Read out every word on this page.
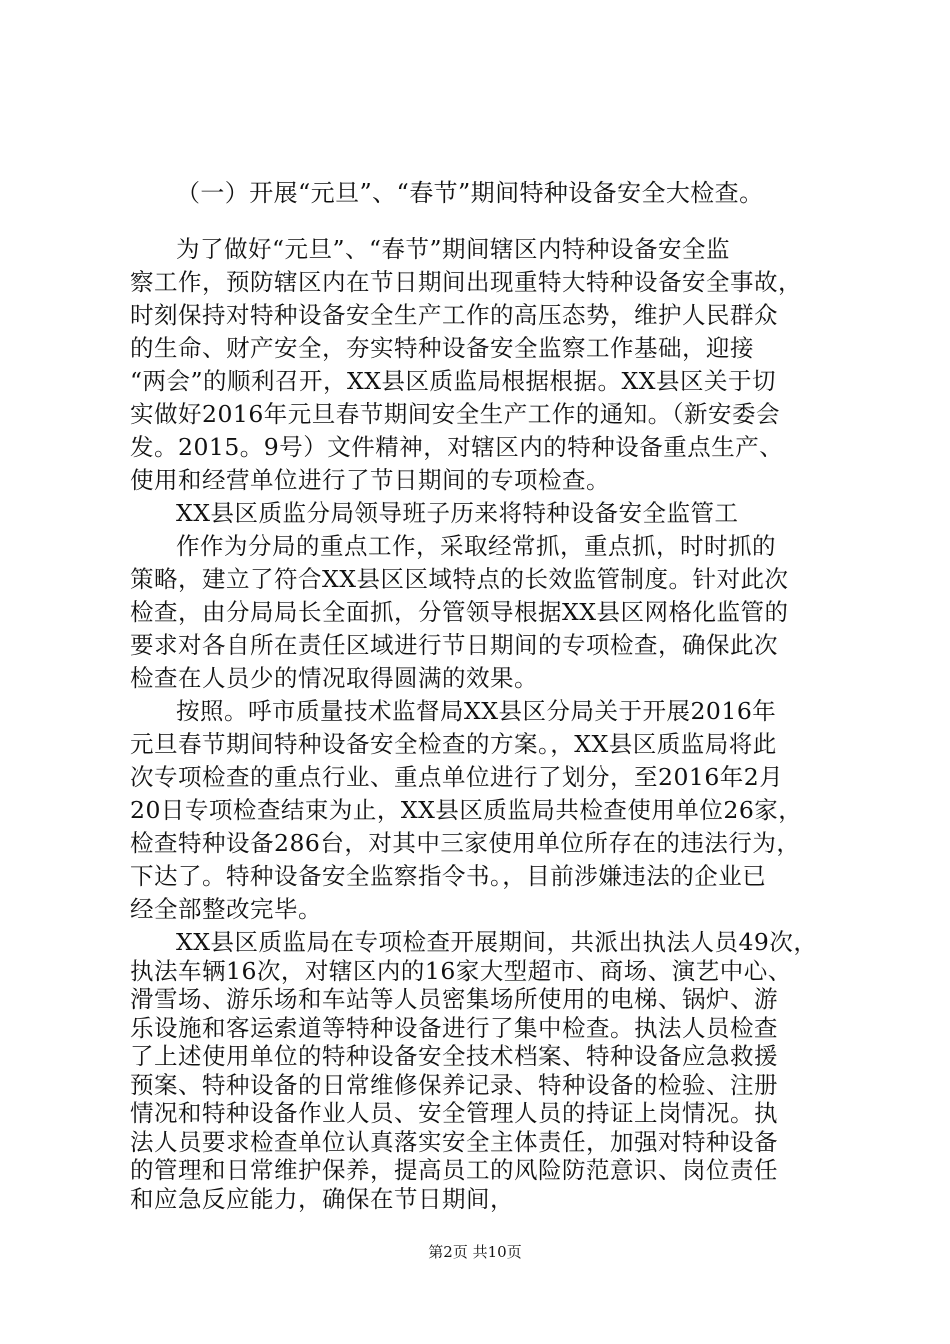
（一）开展“元旦”、“春节”期间特种设备安全大检查。
为了做好“元旦”、“春节”期间辖区内特种设备安全监
察工作，预防辖区内在节日期间出现重特大特种设备安全事故，
时刻保持对特种设备安全生产工作的高压态势，维护人民群众
的生命、财产安全，夯实特种设备安全监察工作基础，迎接
“两会”的顺利召开，XX县区质监局根据根据。XX县区关于切
实做好2016年元旦春节期间安全生产工作的通知。（新安委会
发。2015。9号）文件精神，对辖区内的特种设备重点生产、
使用和经营单位进行了节日期间的专项检查。
XX县区质监分局领导班子历来将特种设备安全监管工
作作为分局的重点工作，采取经常抓，重点抓，时时抓的
策略，建立了符合XX县区区域特点的长效监管制度。针对此次
检查，由分局局长全面抓，分管领导根据XX县区网格化监管的
要求对各自所在责任区域进行节日期间的专项检查，确保此次
检查在人员少的情况取得圆满的效果。
按照。呼市质量技术监督局XX县区分局关于开展2016年
元旦春节期间特种设备安全检查的方案。，XX县区质监局将此
次专项检查的重点行业、重点单位进行了划分，至2016年2月
20日专项检查结束为止，XX县区质监局共检查使用单位26家，
检查特种设备286台，对其中三家使用单位所存在的违法行为，
下达了。特种设备安全监察指令书。，目前涉嫌违法的企业已
经全部整改完毕。
XX县区质监局在专项检查开展期间，共派出执法人员49次，
执法车辆16次，对辖区内的16家大型超市、商场、演艺中心、
滑雪场、游乐场和车站等人员密集场所使用的电梯、锅炉、游
乐设施和客运索道等特种设备进行了集中检查。执法人员检查
了上述使用单位的特种设备安全技术档案、特种设备应急救援
预案、特种设备的日常维修保养记录、特种设备的检验、注册
情况和特种设备作业人员、安全管理人员的持证上岗情况。执
法人员要求检查单位认真落实安全主体责任，加强对特种设备
的管理和日常维护保养，提高员工的风险防范意识、岗位责任
第2页 共10页
和应急反应能力，确保在节日期间，
